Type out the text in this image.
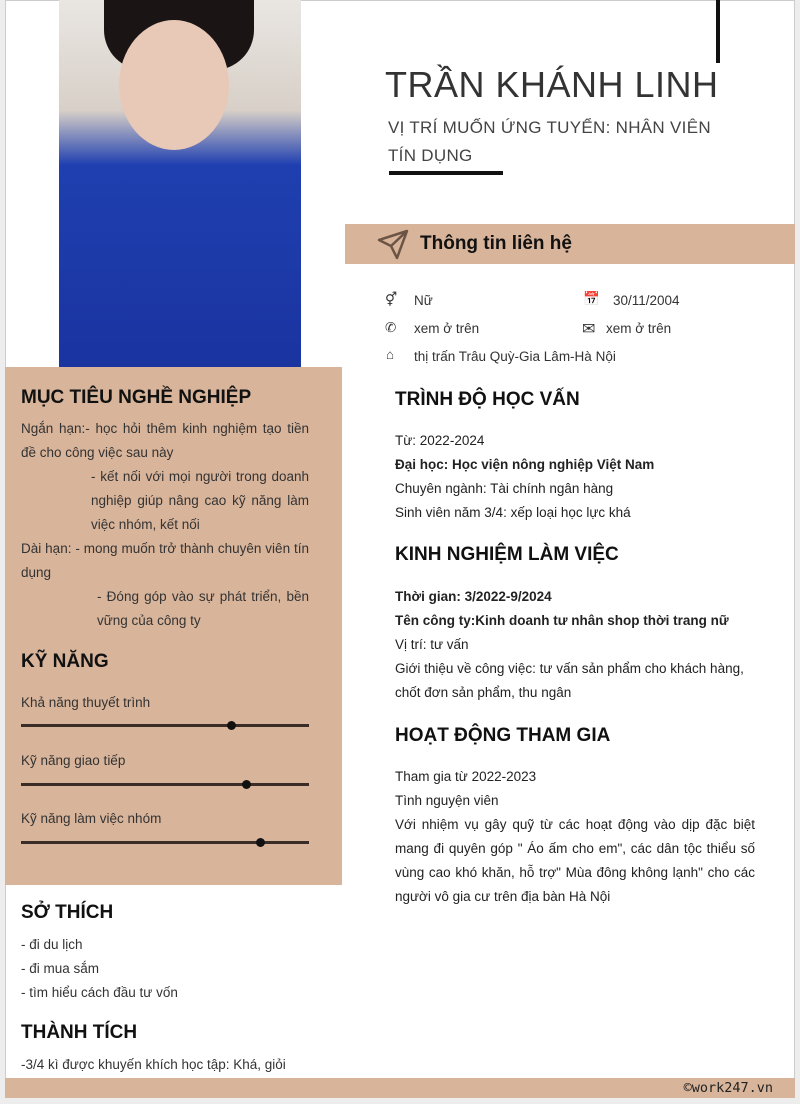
TRẦN KHÁNH LINH
VỊ TRÍ MUỐN ỨNG TUYỂN: NHÂN VIÊN TÍN DỤNG
Thông tin liên hệ
⚥ Nữ	📅 30/11/2004
✆ xem ở trên	✉ xem ở trên
⌂ thị trấn Trâu Quỳ-Gia Lâm-Hà Nội
MỤC TIÊU NGHỀ NGHIỆP
Ngắn hạn:- học hỏi thêm kinh nghiệm tạo tiền đề cho công việc sau này
- kết nối với mọi người trong doanh nghiệp giúp nâng cao kỹ năng làm việc nhóm, kết nối
Dài hạn: - mong muốn trở thành chuyên viên tín dụng
- Đóng góp vào sự phát triển, bền vững của công ty
KỸ NĂNG
Khả năng thuyết trình
Kỹ năng giao tiếp
Kỹ năng làm việc nhóm
SỞ THÍCH
- đi du lịch
- đi mua sắm
- tìm hiểu cách đầu tư vốn
THÀNH TÍCH
-3/4 kì được khuyến khích học tập: Khá, giỏi
TRÌNH ĐỘ HỌC VẤN
Từ: 2022-2024
Đại học: Học viện nông nghiệp Việt Nam
Chuyên ngành: Tài chính ngân hàng
Sinh viên năm 3/4: xếp loại học lực khá
KINH NGHIỆM LÀM VIỆC
Thời gian: 3/2022-9/2024
Tên công ty:Kinh doanh tư nhân shop thời trang nữ
Vị trí: tư vấn
Giới thiệu về công việc: tư vấn sản phẩm cho khách hàng, chốt đơn sản phẩm, thu ngân
HOẠT ĐỘNG THAM GIA
Tham gia từ 2022-2023
Tình nguyện viên
Với nhiệm vụ gây quỹ từ các hoạt động vào dịp đặc biệt mang đi quyên góp " Áo ấm cho em", các dân tộc thiểu số vùng cao khó khăn, hỗ trợ" Mùa đông không lạnh" cho các người vô gia cư trên địa bàn Hà Nội
©work247.vn
